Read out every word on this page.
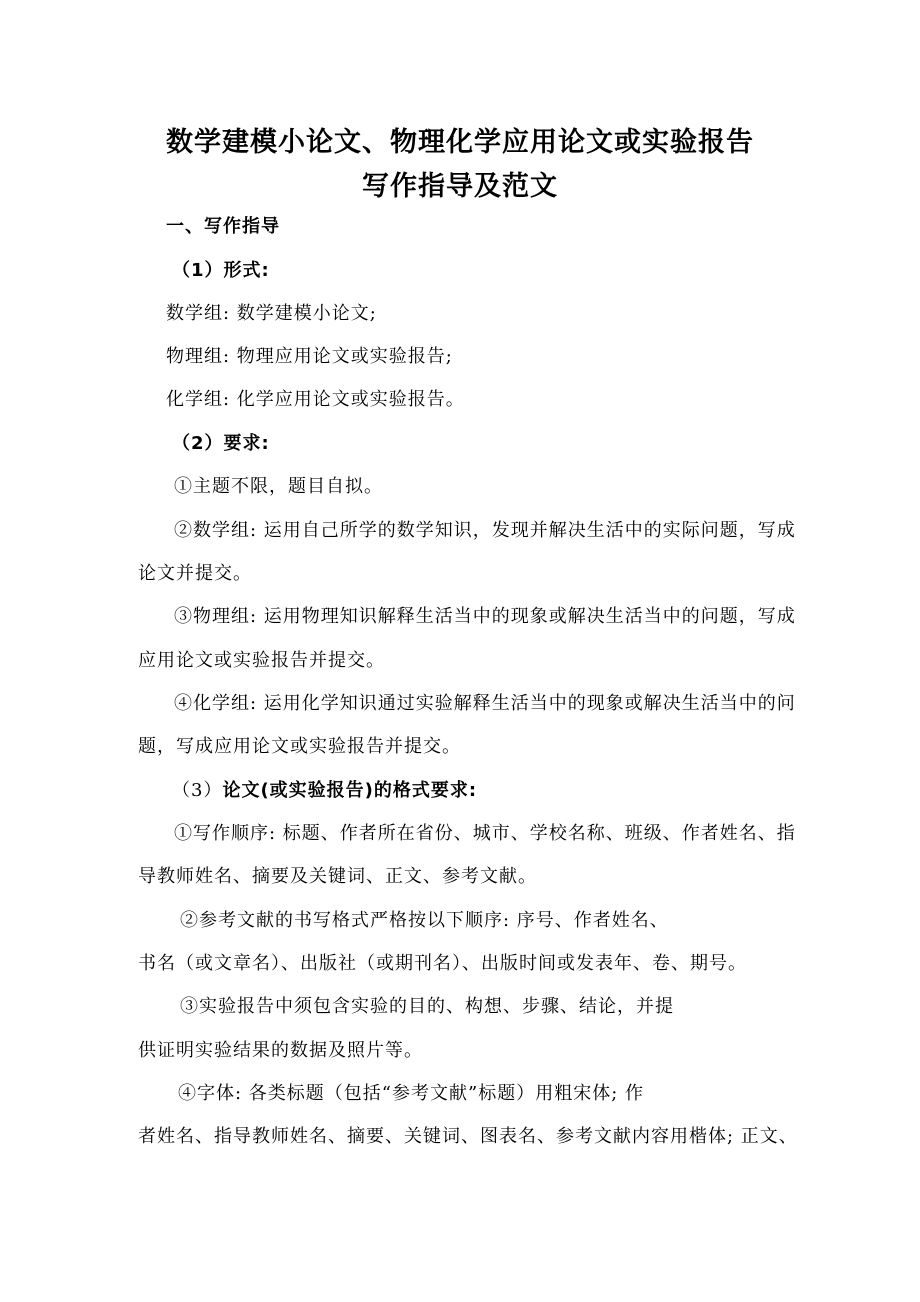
数学建模小论文、物理化学应用论文或实验报告
写作指导及范文
一、写作指导
（1）形式:
数学组: 数学建模小论文;
物理组: 物理应用论文或实验报告;
化学组: 化学应用论文或实验报告。
（2）要求:
①主题不限，题目自拟。
②数学组: 运用自己所学的数学知识，发现并解决生活中的实际问题，写成
论文并提交。
③物理组: 运用物理知识解释生活当中的现象或解决生活当中的问题，写成
应用论文或实验报告并提交。
④化学组: 运用化学知识通过实验解释生活当中的现象或解决生活当中的问
题，写成应用论文或实验报告并提交。
（3）论文(或实验报告)的格式要求:
①写作顺序: 标题、作者所在省份、城市、学校名称、班级、作者姓名、指
导教师姓名、摘要及关键词、正文、参考文献。
②参考文献的书写格式严格按以下顺序: 序号、作者姓名、
书名（或文章名）、出版社（或期刊名）、出版时间或发表年、卷、期号。
③实验报告中须包含实验的目的、构想、步骤、结论，并提
供证明实验结果的数据及照片等。
④字体: 各类标题（包括“参考文献”标题）用粗宋体; 作
者姓名、指导教师姓名、摘要、关键词、图表名、参考文献内容用楷体; 正文、
